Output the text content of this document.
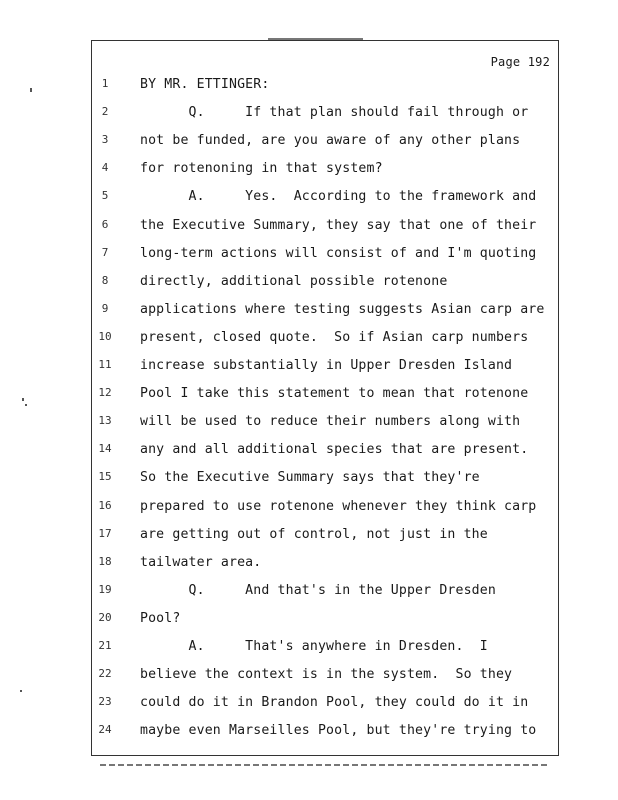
Page 192
1	BY MR. ETTINGER:
2	Q.     If that plan should fail through or
3	not be funded, are you aware of any other plans
4	for rotenoning in that system?
5	A.     Yes.  According to the framework and
6	the Executive Summary, they say that one of their
7	long-term actions will consist of and I'm quoting
8	directly, additional possible rotenone
9	applications where testing suggests Asian carp are
10	present, closed quote.  So if Asian carp numbers
11	increase substantially in Upper Dresden Island
12	Pool I take this statement to mean that rotenone
13	will be used to reduce their numbers along with
14	any and all additional species that are present.
15	So the Executive Summary says that they're
16	prepared to use rotenone whenever they think carp
17	are getting out of control, not just in the
18	tailwater area.
19	Q.     And that's in the Upper Dresden
20	Pool?
21	A.     That's anywhere in Dresden.  I
22	believe the context is in the system.  So they
23	could do it in Brandon Pool, they could do it in
24	maybe even Marseilles Pool, but they're trying to
